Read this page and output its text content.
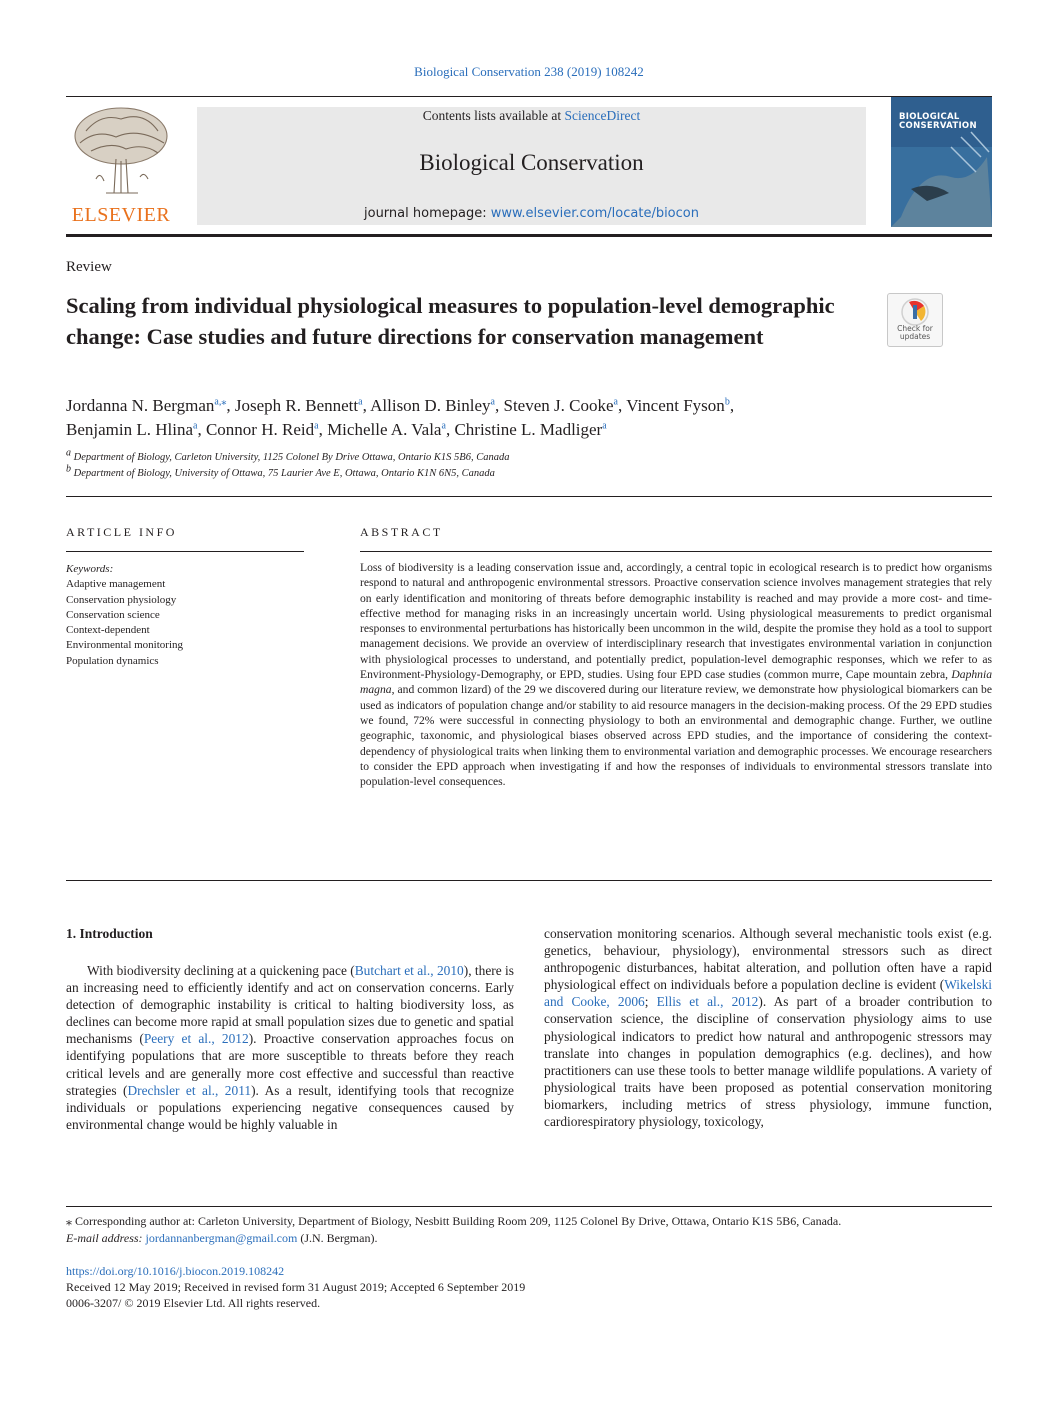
Biological Conservation 238 (2019) 108242
ELSEVIER
Contents lists available at ScienceDirect
Biological Conservation
journal homepage: www.elsevier.com/locate/biocon
BIOLOGICAL CONSERVATION
Review
Scaling from individual physiological measures to population-level demographic change: Case studies and future directions for conservation management	Check for updates
Jordanna N. Bergman$^{a,⁎}$, Joseph R. Bennett$^a$, Allison D. Binley$^a$, Steven J. Cooke$^a$, Vincent Fyson$^b$,
Benjamin L. Hlina$^a$, Connor H. Reid$^a$, Michelle A. Vala$^a$, Christine L. Madliger$^a$
$^a$ Department of Biology, Carleton University, 1125 Colonel By Drive Ottawa, Ontario K1S 5B6, Canada
$^b$ Department of Biology, University of Ottawa, 75 Laurier Ave E, Ottawa, Ontario K1N 6N5, Canada
ARTICLE INFO
Keywords:
Adaptive management
Conservation physiology
Conservation science
Context-dependent
Environmental monitoring
Population dynamics
ABSTRACT
Loss of biodiversity is a leading conservation issue and, accordingly, a central topic in ecological research is to predict how organisms respond to natural and anthropogenic environmental stressors. Proactive conservation science involves management strategies that rely on early identification and monitoring of threats before demographic instability is reached and may provide a more cost- and time-effective method for managing risks in an increasingly uncertain world. Using physiological measurements to predict organismal responses to environmental perturbations has historically been uncommon in the wild, despite the promise they hold as a tool to support management decisions. We provide an overview of interdisciplinary research that investigates environmental variation in conjunction with physiological processes to understand, and potentially predict, population-level demographic responses, which we refer to as Environment-Physiology-Demography, or EPD, studies. Using four EPD case studies (common murre, Cape mountain zebra, Daphnia magna, and common lizard) of the 29 we discovered during our literature review, we demonstrate how physiological biomarkers can be used as indicators of population change and/or stability to aid resource managers in the decision-making process. Of the 29 EPD studies we found, 72% were successful in connecting physiology to both an environmental and demographic change. Further, we outline geographic, taxonomic, and physiological biases observed across EPD studies, and the importance of considering the context-dependency of physiological traits when linking them to environmental variation and demographic processes. We encourage researchers to consider the EPD approach when investigating if and how the responses of individuals to environmental stressors translate into population-level consequences.
1. Introduction

With biodiversity declining at a quickening pace (Butchart et al., 2010), there is an increasing need to efficiently identify and act on conservation concerns. Early detection of demographic instability is critical to halting biodiversity loss, as declines can become more rapid at small population sizes due to genetic and spatial mechanisms (Peery et al., 2012). Proactive conservation approaches focus on identifying populations that are more susceptible to threats before they reach critical levels and are generally more cost effective and successful than reactive strategies (Drechsler et al., 2011). As a result, identifying tools that recognize individuals or populations experiencing negative consequences caused by environmental change would be highly valuable in

conservation monitoring scenarios. Although several mechanistic tools exist (e.g. genetics, behaviour, physiology), environmental stressors such as direct anthropogenic disturbances, habitat alteration, and pollution often have a rapid physiological effect on individuals before a population decline is evident (Wikelski and Cooke, 2006; Ellis et al., 2012). As part of a broader contribution to conservation science, the discipline of conservation physiology aims to use physiological indicators to predict how natural and anthropogenic stressors may translate into changes in population demographics (e.g. declines), and how practitioners can use these tools to better manage wildlife populations. A variety of physiological traits have been proposed as potential conservation monitoring biomarkers, including metrics of stress physiology, immune function, cardiorespiratory physiology, toxicology,
⁎ Corresponding author at: Carleton University, Department of Biology, Nesbitt Building Room 209, 1125 Colonel By Drive, Ottawa, Ontario K1S 5B6, Canada.
E-mail address: jordannanbergman@gmail.com (J.N. Bergman).
https://doi.org/10.1016/j.biocon.2019.108242
Received 12 May 2019; Received in revised form 31 August 2019; Accepted 6 September 2019
0006-3207/ © 2019 Elsevier Ltd. All rights reserved.
